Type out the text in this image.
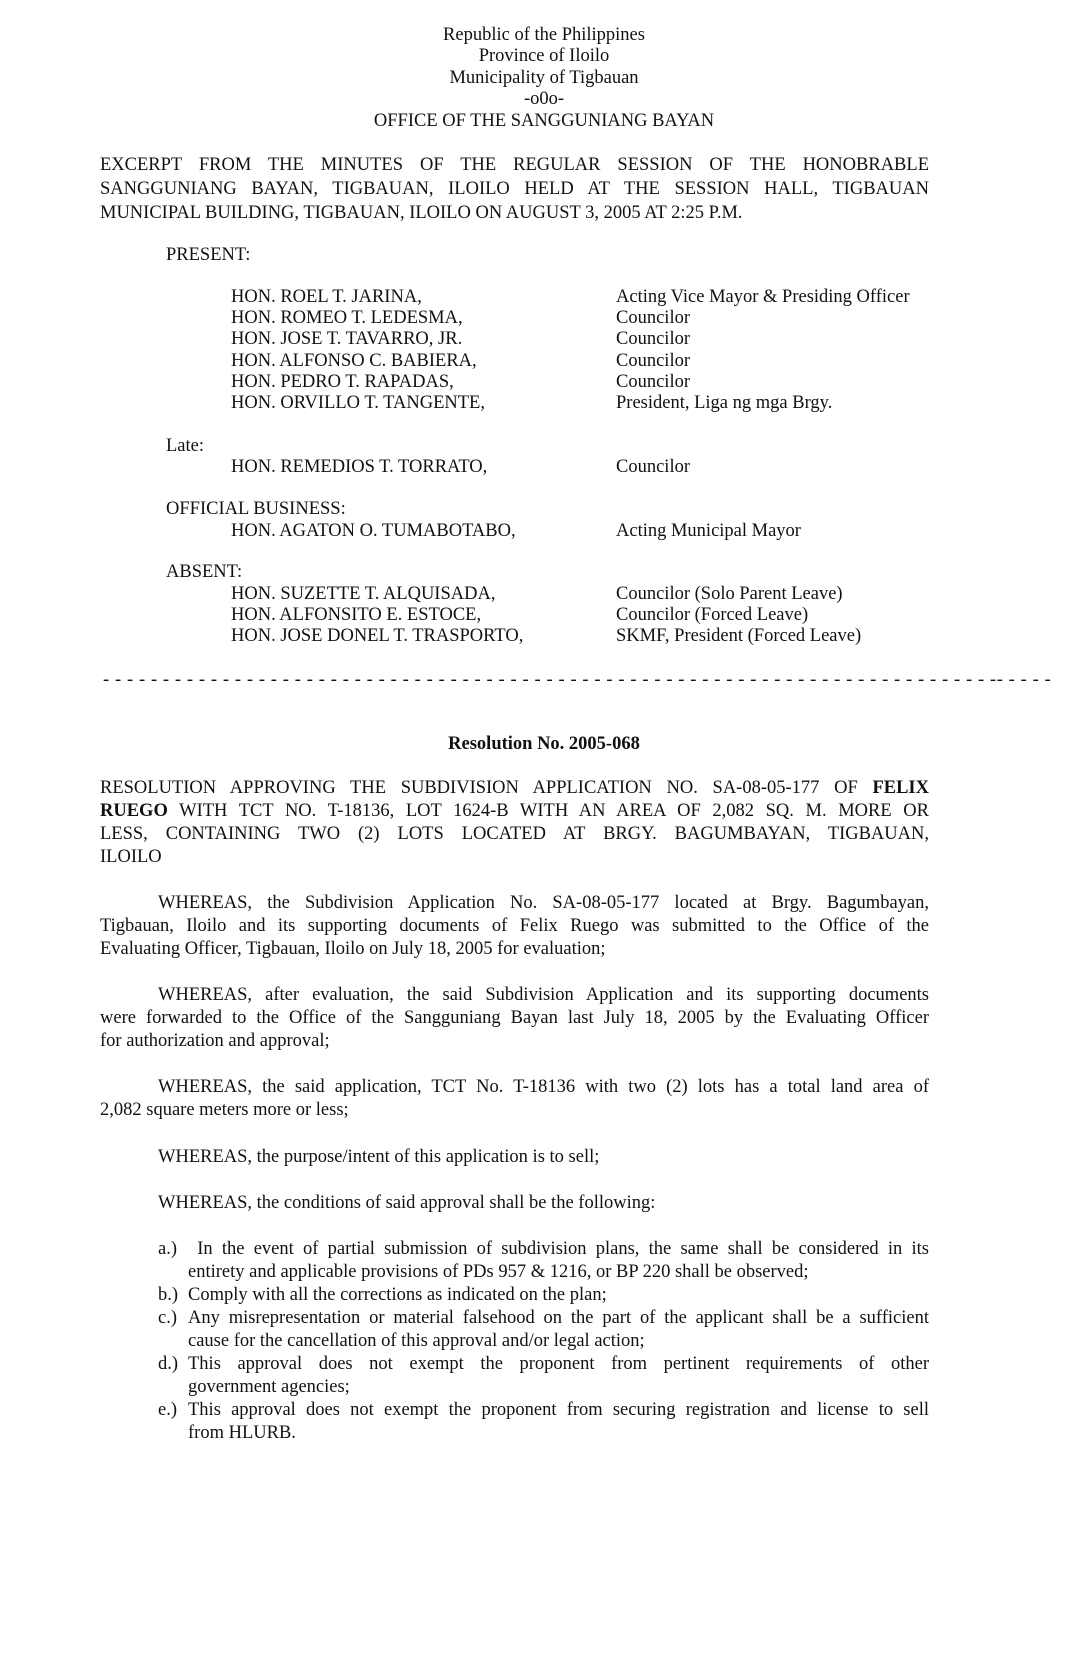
Republic of the Philippines
Province of Iloilo
Municipality of Tigbauan
-o0o-
OFFICE OF THE SANGGUNIANG BAYAN
EXCERPT FROM THE MINUTES OF THE REGULAR SESSION OF THE HONOBRABLE
SANGGUNIANG BAYAN, TIGBAUAN, ILOILO HELD AT THE SESSION HALL, TIGBAUAN
MUNICIPAL BUILDING, TIGBAUAN, ILOILO ON AUGUST 3, 2005 AT 2:25 P.M.
PRESENT:
HON. ROEL T. JARINA,	Acting Vice Mayor & Presiding Officer
HON. ROMEO T. LEDESMA,	Councilor
HON. JOSE T. TAVARRO, JR.	Councilor
HON. ALFONSO C. BABIERA,	Councilor
HON. PEDRO T. RAPADAS,	Councilor
HON. ORVILLO T. TANGENTE,	President, Liga ng mga Brgy.
Late:
HON. REMEDIOS T. TORRATO,	Councilor
OFFICIAL BUSINESS:
HON. AGATON O. TUMABOTABO,	Acting Municipal Mayor
ABSENT:
HON. SUZETTE T. ALQUISADA,	Councilor (Solo Parent Leave)
HON. ALFONSITO E. ESTOCE,	Councilor (Forced Leave)
HON. JOSE DONEL T. TRASPORTO,	SKMF, President (Forced Leave)
- - - - - - - - - - - - - - - - - - - - - - - - - - - - - - - - - - - - - - - - - - - - - - - - - - - - - - - - - - - - - - - - - - - - - - - - - - -- - - - -
Resolution No. 2005-068
RESOLUTION APPROVING THE SUBDIVISION APPLICATION NO. SA-08-05-177 OF FELIX
RUEGO WITH TCT NO. T-18136, LOT 1624-B WITH AN AREA OF 2,082 SQ. M. MORE OR
LESS, CONTAINING TWO (2) LOTS LOCATED AT BRGY. BAGUMBAYAN, TIGBAUAN,
ILOILO
WHEREAS, the Subdivision Application No. SA-08-05-177 located at Brgy. Bagumbayan,
Tigbauan, Iloilo and its supporting documents of Felix Ruego was submitted to the Office of the
Evaluating Officer, Tigbauan, Iloilo on July 18, 2005 for evaluation;
WHEREAS, after evaluation, the said Subdivision Application and its supporting documents
were forwarded to the Office of the Sangguniang Bayan last July 18, 2005 by the Evaluating Officer
for authorization and approval;
WHEREAS, the said application, TCT No. T-18136 with two (2) lots has a total land area of
2,082 square meters more or less;
WHEREAS, the purpose/intent of this application is to sell;
WHEREAS, the conditions of said approval shall be the following:
a.) In the event of partial submission of subdivision plans, the same shall be considered in its
entirety and applicable provisions of PDs 957 & 1216, or BP 220 shall be observed;
b.) Comply with all the corrections as indicated on the plan;
c.) Any misrepresentation or material falsehood on the part of the applicant shall be a sufficient
cause for the cancellation of this approval and/or legal action;
d.) This approval does not exempt the proponent from pertinent requirements of other
government agencies;
e.) This approval does not exempt the proponent from securing registration and license to sell
from HLURB.
